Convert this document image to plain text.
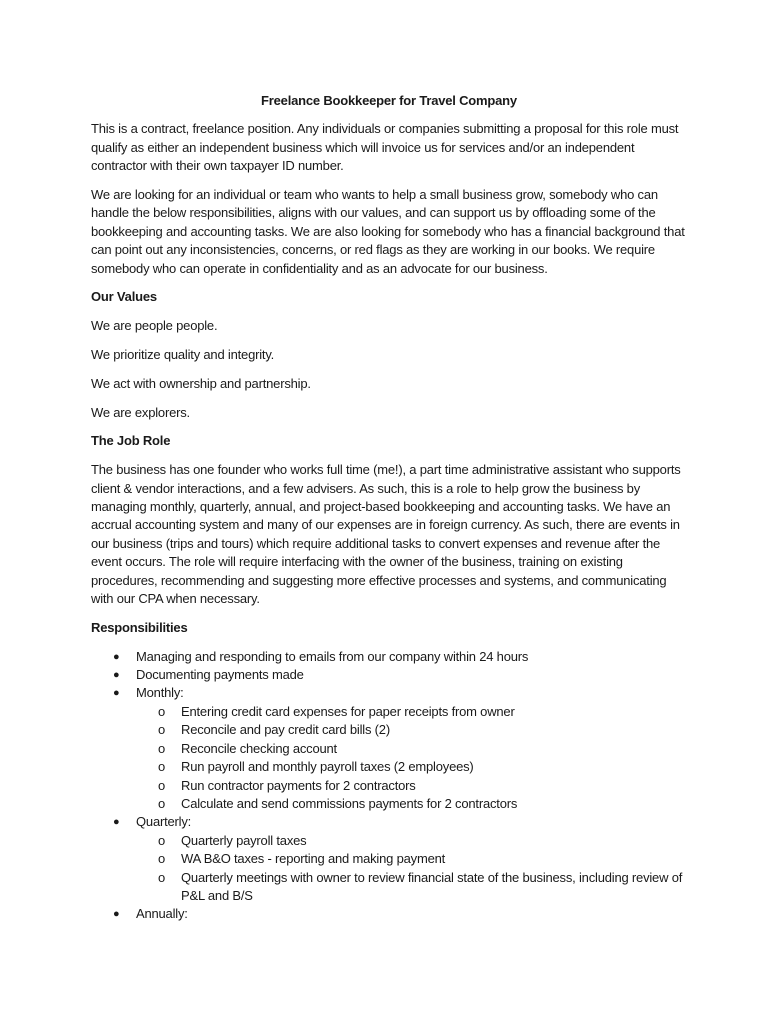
Freelance Bookkeeper for Travel Company

This is a contract, freelance position. Any individuals or companies submitting a proposal for this role must qualify as either an independent business which will invoice us for services and/or an independent contractor with their own taxpayer ID number.

We are looking for an individual or team who wants to help a small business grow, somebody who can handle the below responsibilities, aligns with our values, and can support us by offloading some of the bookkeeping and accounting tasks. We are also looking for somebody who has a financial background that can point out any inconsistencies, concerns, or red flags as they are working in our books. We require somebody who can operate in confidentiality and as an advocate for our business.

Our Values

We are people people.

We prioritize quality and integrity.

We act with ownership and partnership.

We are explorers.

The Job Role

The business has one founder who works full time (me!), a part time administrative assistant who supports client & vendor interactions, and a few advisers. As such, this is a role to help grow the business by managing monthly, quarterly, annual, and project-based bookkeeping and accounting tasks. We have an accrual accounting system and many of our expenses are in foreign currency. As such, there are events in our business (trips and tours) which require additional tasks to convert expenses and revenue after the event occurs. The role will require interfacing with the owner of the business, training on existing procedures, recommending and suggesting more effective processes and systems, and communicating with our CPA when necessary.

Responsibilities
● Managing and responding to emails from our company within 24 hours
● Documenting payments made
● Monthly:
o Entering credit card expenses for paper receipts from owner
o Reconcile and pay credit card bills (2)
o Reconcile checking account
o Run payroll and monthly payroll taxes (2 employees)
o Run contractor payments for 2 contractors
o Calculate and send commissions payments for 2 contractors
● Quarterly:
o Quarterly payroll taxes
o WA B&O taxes - reporting and making payment
o Quarterly meetings with owner to review financial state of the business, including review of P&L and B/S
● Annually:
